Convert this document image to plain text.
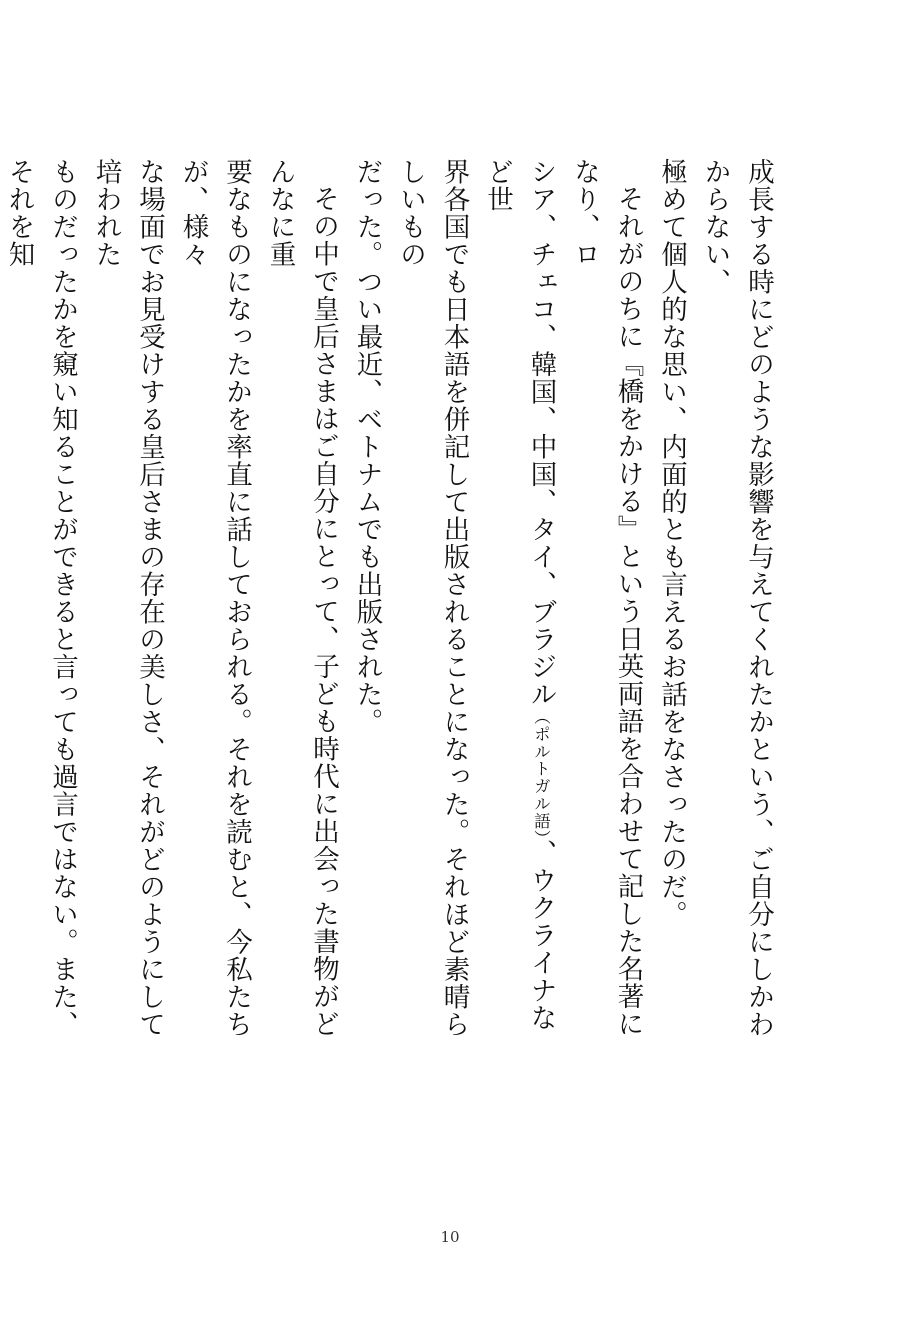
成長する時にどのような影響を与えてくれたかという、ご自分にしかわからない、
極めて個人的な思い、内面的とも言えるお話をなさったのだ。

それがのちに『橋をかける』という日英両語を合わせて記した名著になり、ロ
シア、チェコ、韓国、中国、タイ、ブラジル（ポルトガル語）、ウクライナなど世
界各国でも日本語を併記して出版されることになった。それほど素晴らしいもの
だった。つい最近、ベトナムでも出版された。

その中で皇后さまはご自分にとって、子ども時代に出会った書物がどんなに重
要なものになったかを率直に話しておられる。それを読むと、今私たちが、様々
な場面でお見受けする皇后さまの存在の美しさ、それがどのようにして培われた
ものだったかを窺い知ることができると言っても過言ではない。また、それを知

10
